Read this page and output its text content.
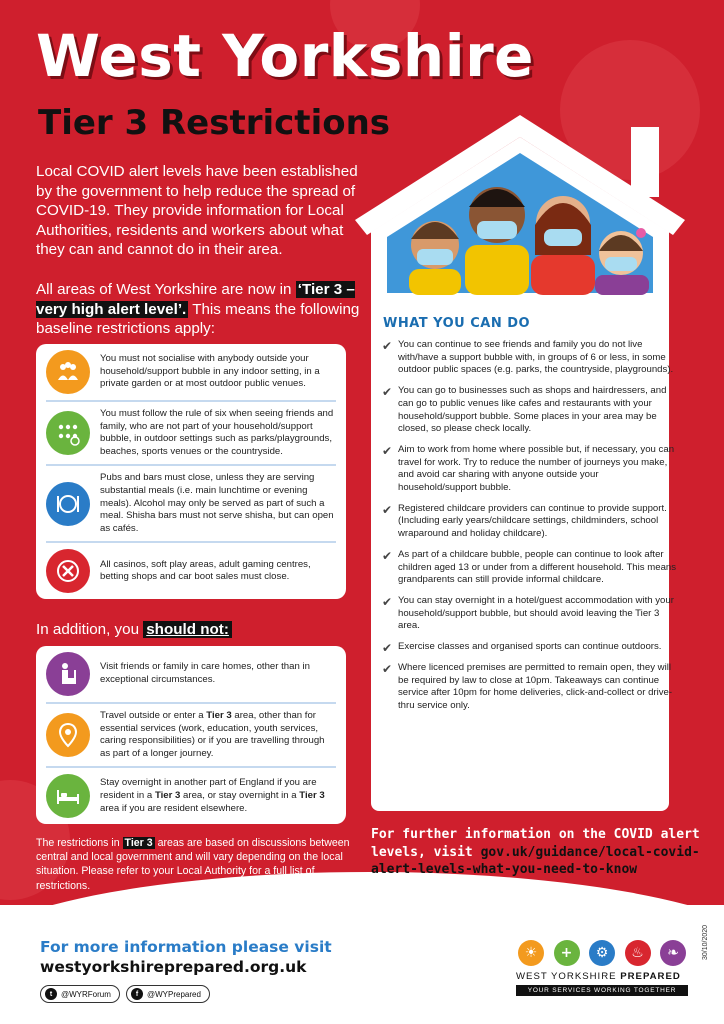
West Yorkshire
Tier 3 Restrictions

Local COVID alert levels have been established by the government to help reduce the spread of COVID-19. They provide information for Local Authorities, residents and workers about what they can and cannot do in their area.

All areas of West Yorkshire are now in ‘Tier 3 – very high alert level’. This means the following baseline restrictions apply:

You must not socialise with anybody outside your household/support bubble in any indoor setting, in a private garden or at most outdoor public venues.
You must follow the rule of six when seeing friends and family, who are not part of your household/support bubble, in outdoor settings such as parks/playgrounds, beaches, sports venues or the countryside.
Pubs and bars must close, unless they are serving substantial meals (i.e. main lunchtime or evening meals). Alcohol may only be served as part of such a meal. Shisha bars must not serve shisha, but can open as cafés.
All casinos, soft play areas, adult gaming centres, betting shops and car boot sales must close.
In addition, you should not:
Visit friends or family in care homes, other than in exceptional circumstances.
Travel outside or enter a Tier 3 area, other than for essential services (work, education, youth services, caring responsibilities) or if you are travelling through as part of a longer journey.
Stay overnight in another part of England if you are resident in a Tier 3 area, or stay overnight in a Tier 3 area if you are resident elsewhere.

The restrictions in Tier 3 areas are based on discussions between central and local government and will vary depending on the local situation. Please refer to your Local Authority for a full list of restrictions.

WHAT YOU CAN DO
✔ You can continue to see friends and family you do not live with/have a support bubble with, in groups of 6 or less, in some outdoor public spaces (e.g. parks, the countryside, playgrounds).
✔ You can go to businesses such as shops and hairdressers, and can go to public venues like cafes and restaurants with your household/support bubble. Some places in your area may be closed, so please check locally.
✔ Aim to work from home where possible but, if necessary, you can travel for work. Try to reduce the number of journeys you make, and avoid car sharing with anyone outside your household/support bubble.
✔ Registered childcare providers can continue to provide support. (Including early years/childcare settings, childminders, school wraparound and holiday childcare).
✔ As part of a childcare bubble, people can continue to look after children aged 13 or under from a different household. This means grandparents can still provide informal childcare.
✔ You can stay overnight in a hotel/guest accommodation with your household/support bubble, but should avoid leaving the Tier 3 area.
✔ Exercise classes and organised sports can continue outdoors.
✔ Where licenced premises are permitted to remain open, they will be required by law to close at 10pm. Takeaways can continue service after 10pm for home deliveries, click-and-collect or drive-thru service only.

For further information on the COVID alert levels, visit gov.uk/guidance/local-covid-alert-levels-what-you-need-to-know

For more information please visit
westyorkshireprepared.org.uk
t	@WYRForum	f	@WYPrepared
☀	+	⚙	♨	❧
WEST YORKSHIRE PREPARED
YOUR SERVICES WORKING TOGETHER
30/10/2020
